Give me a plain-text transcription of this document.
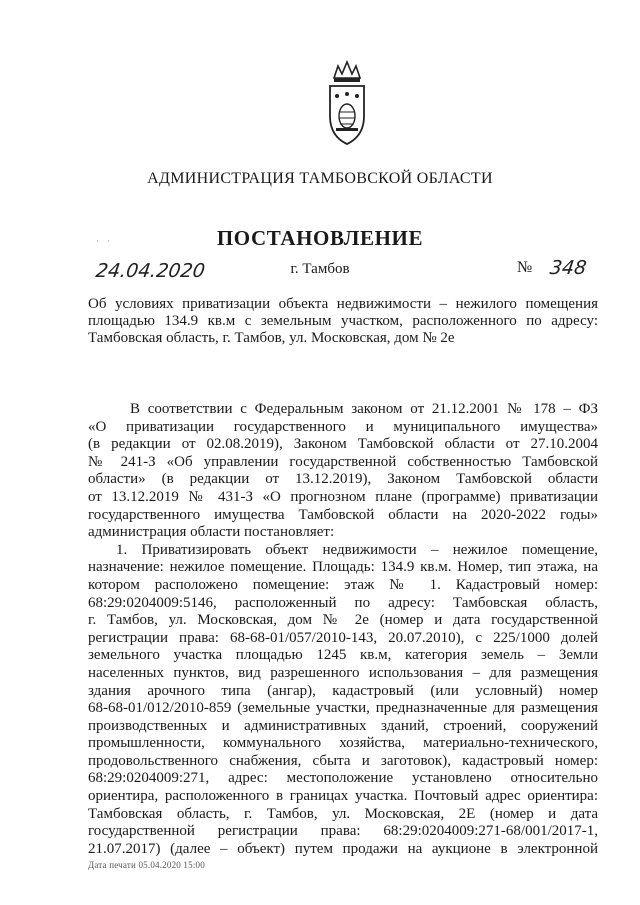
АДМИНИСТРАЦИЯ ТАМБОВСКОЙ ОБЛАСТИ
· ·	ПОСТАНОВЛЕНИЕ
24.04.2020	г. Тамбов	№ 348

Об условиях приватизации объекта недвижимости – нежилого помещения
площадью 134.9 кв.м с земельным участком, расположенного по адресу:
Тамбовская область, г. Тамбов, ул. Московская, дом № 2е

В соответствии с Федеральным законом от 21.12.2001 № 178 – ФЗ
«О приватизации государственного и муниципального имущества»
(в редакции от 02.08.2019), Законом Тамбовской области от 27.10.2004
№ 241-З «Об управлении государственной собственностью Тамбовской
области» (в редакции от 13.12.2019), Законом Тамбовской области
от 13.12.2019 № 431-З «О прогнозном плане (программе) приватизации
государственного имущества Тамбовской области на 2020-2022 годы»
администрация области постановляет:
1. Приватизировать объект недвижимости – нежилое помещение,
назначение: нежилое помещение. Площадь: 134.9 кв.м. Номер, тип этажа, на
котором расположено помещение: этаж № 1. Кадастровый номер:
68:29:0204009:5146, расположенный по адресу: Тамбовская область,
г. Тамбов, ул. Московская, дом № 2е (номер и дата государственной
регистрации права: 68-68-01/057/2010-143, 20.07.2010), с 225/1000 долей
земельного участка площадью 1245 кв.м, категория земель – Земли
населенных пунктов, вид разрешенного использования – для размещения
здания арочного типа (ангар), кадастровый (или условный) номер
68-68-01/012/2010-859 (земельные участки, предназначенные для размещения
производственных и административных зданий, строений, сооружений
промышленности, коммунального хозяйства, материально-технического,
продовольственного снабжения, сбыта и заготовок), кадастровый номер:
68:29:0204009:271, адрес: местоположение установлено относительно
ориентира, расположенного в границах участка. Почтовый адрес ориентира:
Тамбовская область, г. Тамбов, ул. Московская, 2Е (номер и дата
государственной регистрации права: 68:29:0204009:271-68/001/2017-1,
21.07.2017) (далее – объект) путем продажи на аукционе в электронной

Дата печати 05.04.2020 15:00
